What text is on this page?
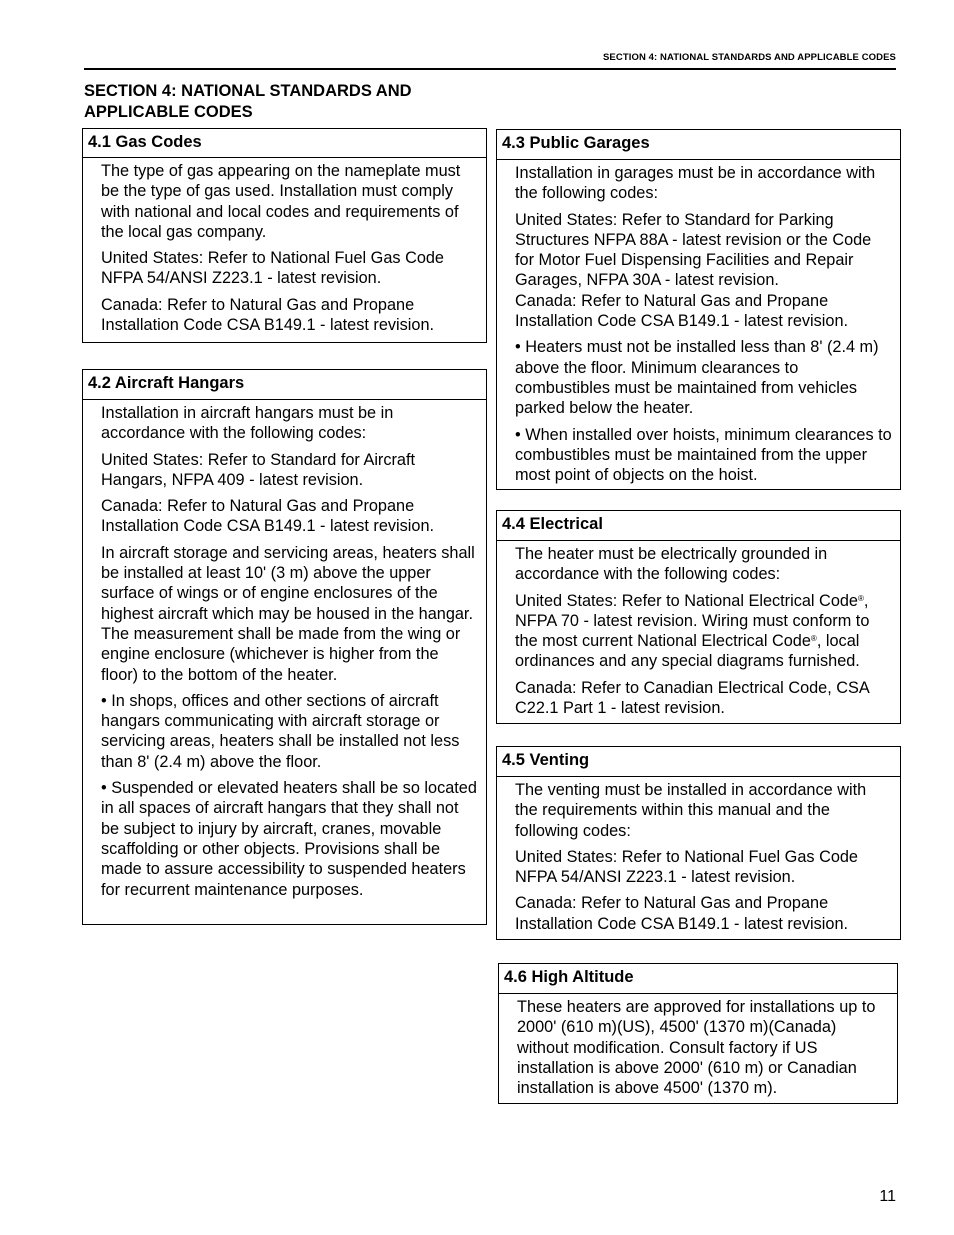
SECTION 4: NATIONAL STANDARDS AND APPLICABLE CODES
SECTION 4: NATIONAL STANDARDS AND
APPLICABLE CODES
4.1 Gas Codes

The type of gas appearing on the nameplate must be the type of gas used. Installation must comply with national and local codes and requirements of the local gas company.

United States: Refer to National Fuel Gas Code NFPA 54/ANSI Z223.1 - latest revision.

Canada: Refer to Natural Gas and Propane Installation Code CSA B149.1 - latest revision.

4.2 Aircraft Hangars

Installation in aircraft hangars must be in accordance with the following codes:

United States: Refer to Standard for Aircraft Hangars, NFPA 409 - latest revision.

Canada: Refer to Natural Gas and Propane Installation Code CSA B149.1 - latest revision.

In aircraft storage and servicing areas, heaters shall be installed at least 10' (3 m) above the upper surface of wings or of engine enclosures of the highest aircraft which may be housed in the hangar. The measurement shall be made from the wing or engine enclosure (whichever is higher from the floor) to the bottom of the heater.

• In shops, offices and other sections of aircraft hangars communicating with aircraft storage or servicing areas, heaters shall be installed not less than 8' (2.4 m) above the floor.

• Suspended or elevated heaters shall be so located in all spaces of aircraft hangars that they shall not be subject to injury by aircraft, cranes, movable scaffolding or other objects. Provisions shall be made to assure accessibility to suspended heaters for recurrent maintenance purposes.

4.3 Public Garages

Installation in garages must be in accordance with the following codes:

United States: Refer to Standard for Parking Structures NFPA 88A - latest revision or the Code for Motor Fuel Dispensing Facilities and Repair Garages, NFPA 30A - latest revision.

Canada: Refer to Natural Gas and Propane Installation Code CSA B149.1 - latest revision.

• Heaters must not be installed less than 8' (2.4 m) above the floor. Minimum clearances to combustibles must be maintained from vehicles parked below the heater.

• When installed over hoists, minimum clearances to combustibles must be maintained from the upper most point of objects on the hoist.

4.4 Electrical

The heater must be electrically grounded in accordance with the following codes:

United States: Refer to National Electrical Code®, NFPA 70 - latest revision. Wiring must conform to the most current National Electrical Code®, local ordinances and any special diagrams furnished.

Canada: Refer to Canadian Electrical Code, CSA C22.1 Part 1 - latest revision.

4.5 Venting

The venting must be installed in accordance with the requirements within this manual and the following codes:

United States: Refer to National Fuel Gas Code NFPA 54/ANSI Z223.1 - latest revision.

Canada: Refer to Natural Gas and Propane Installation Code CSA B149.1 - latest revision.

4.6 High Altitude

These heaters are approved for installations up to 2000' (610 m)(US), 4500' (1370 m)(Canada) without modification. Consult factory if US installation is above 2000' (610 m) or Canadian installation is above 4500' (1370 m).

11
